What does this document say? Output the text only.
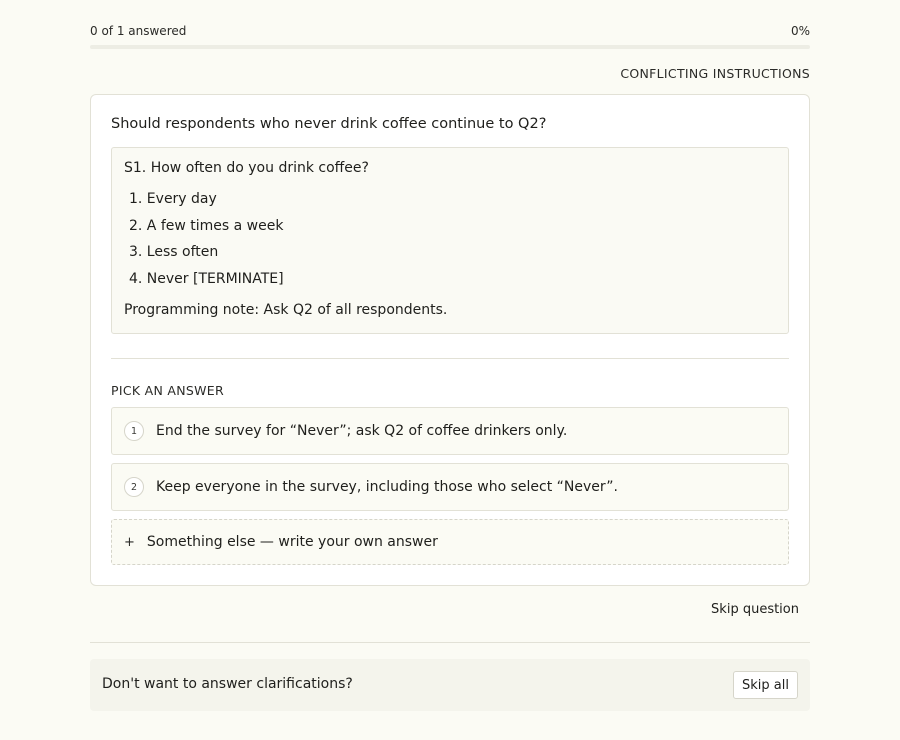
0 of 1 answered	0%
CONFLICTING INSTRUCTIONS
Should respondents who never drink coffee continue to Q2?
S1. How often do you drink coffee?
1. Every day
2. A few times a week
3. Less often
4. Never [TERMINATE]
Programming note: Ask Q2 of all respondents.
PICK AN ANSWER
1	End the survey for “Never”; ask Q2 of coffee drinkers only.
2	Keep everyone in the survey, including those who select “Never”.
+ Something else — write your own answer
Skip question
Don't want to answer clarifications?	Skip all
